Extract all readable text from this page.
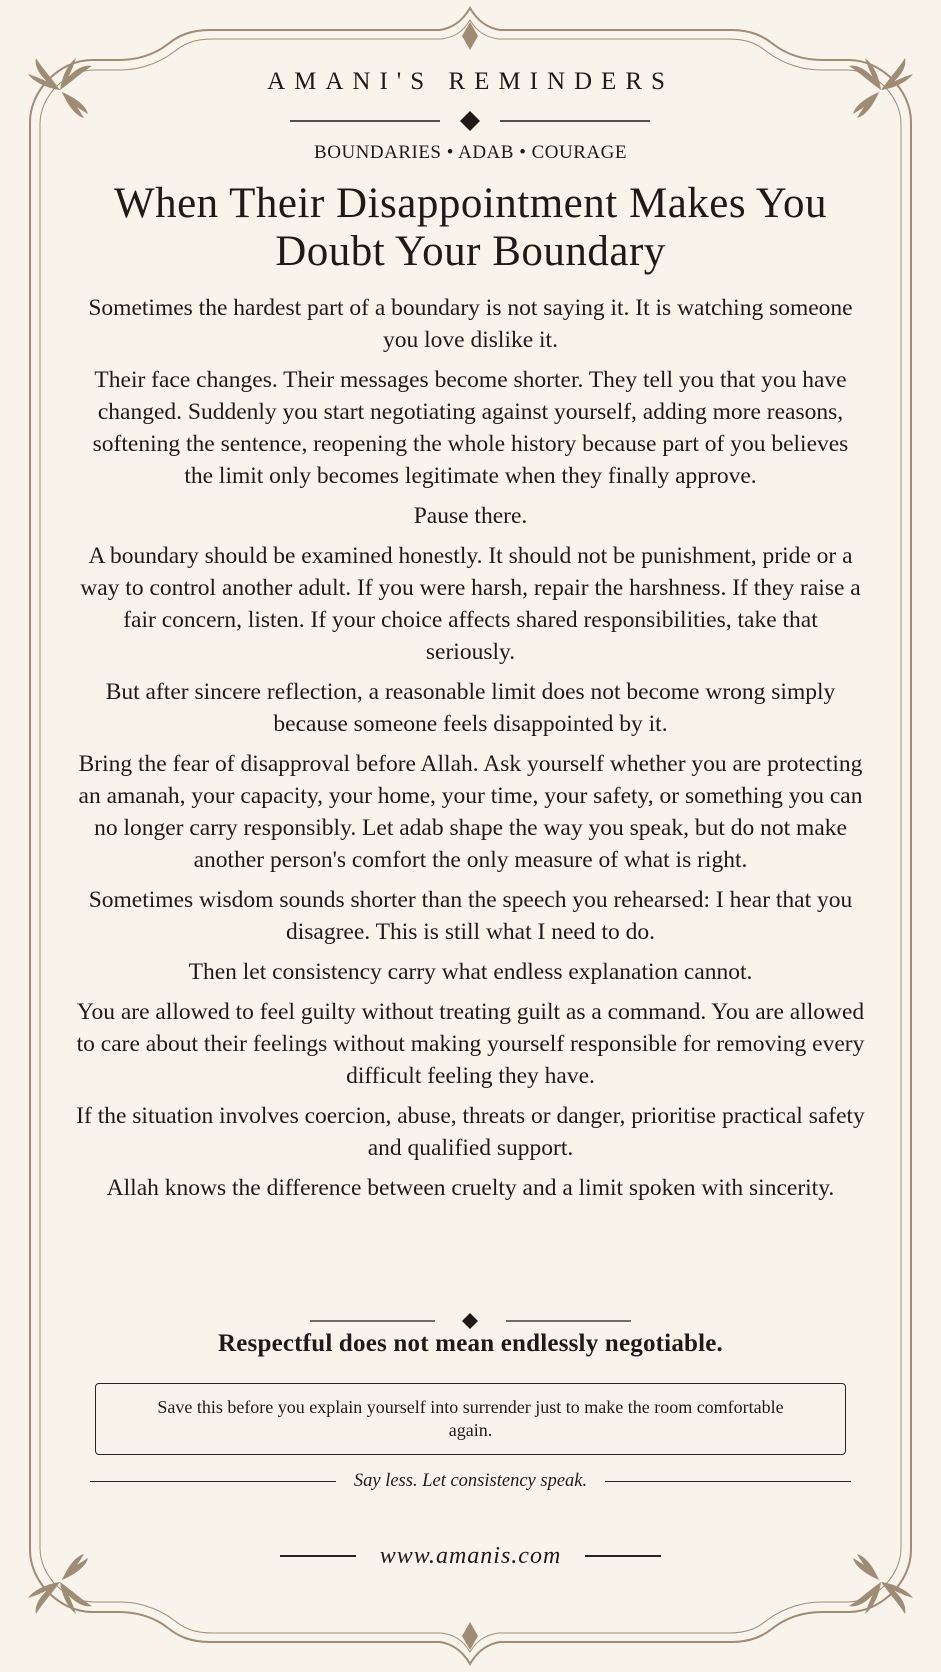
AMANI'S REMINDERS
BOUNDARIES • ADAB • COURAGE
When Their Disappointment Makes You Doubt Your Boundary

Sometimes the hardest part of a boundary is not saying it. It is watching someone you love dislike it.

Their face changes. Their messages become shorter. They tell you that you have changed. Suddenly you start negotiating against yourself, adding more reasons, softening the sentence, reopening the whole history because part of you believes the limit only becomes legitimate when they finally approve.

Pause there.

A boundary should be examined honestly. It should not be punishment, pride or a way to control another adult. If you were harsh, repair the harshness. If they raise a fair concern, listen. If your choice affects shared responsibilities, take that seriously.

But after sincere reflection, a reasonable limit does not become wrong simply because someone feels disappointed by it.

Bring the fear of disapproval before Allah. Ask yourself whether you are protecting an amanah, your capacity, your home, your time, your safety, or something you can no longer carry responsibly. Let adab shape the way you speak, but do not make another person's comfort the only measure of what is right.

Sometimes wisdom sounds shorter than the speech you rehearsed: I hear that you disagree. This is still what I need to do.

Then let consistency carry what endless explanation cannot.

You are allowed to feel guilty without treating guilt as a command. You are allowed to care about their feelings without making yourself responsible for removing every difficult feeling they have.

If the situation involves coercion, abuse, threats or danger, prioritise practical safety and qualified support.

Allah knows the difference between cruelty and a limit spoken with sincerity.

Respectful does not mean endlessly negotiable.
Save this before you explain yourself into surrender just to make the room comfortable again.
Say less. Let consistency speak.
www.amanis.com
